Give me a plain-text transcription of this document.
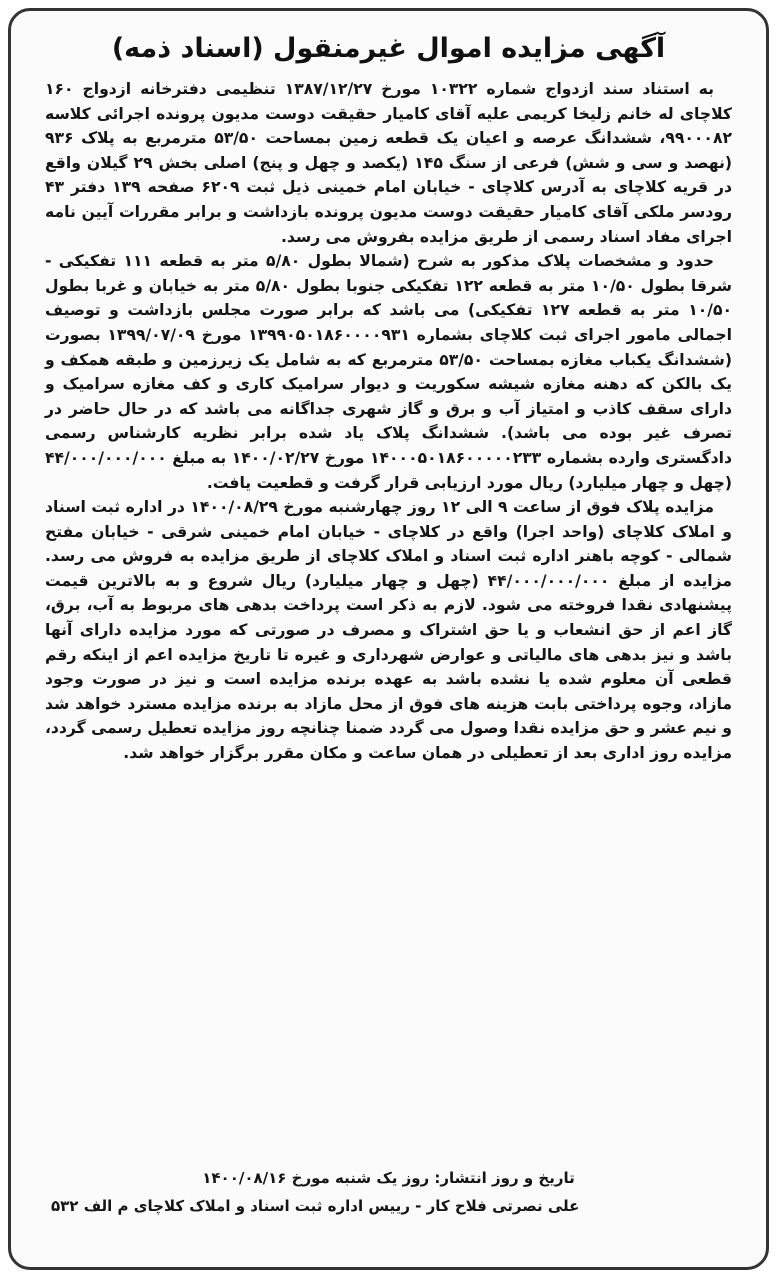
آگهی مزایده اموال غیرمنقول (اسناد ذمه)

به استناد سند ازدواج شماره ۱۰۳۲۲ مورخ ۱۳۸۷/۱۲/۲۷ تنظیمی دفترخانه ازدواج ۱۶۰ کلاچای له خانم زلیخا کریمی علیه آقای کامیار حقیقت دوست مدیون پرونده اجرائی کلاسه ۹۹۰۰۰۸۲، ششدانگ عرصه و اعیان یک قطعه زمین بمساحت ۵۳/۵۰ مترمربع به پلاک ۹۳۶ (نهصد و سی و شش) فرعی از سنگ ۱۴۵ (یکصد و چهل و پنج) اصلی بخش ۲۹ گیلان واقع در قریه کلاچای به آدرس کلاچای - خیابان امام خمینی ذیل ثبت ۶۲۰۹ صفحه ۱۳۹ دفتر ۴۳ رودسر ملکی آقای کامیار حقیقت دوست مدیون پرونده بازداشت و برابر مقررات آیین نامه اجرای مفاد اسناد رسمی از طریق مزایده بفروش می رسد.

حدود و مشخصات پلاک مذکور به شرح (شمالا بطول ۵/۸۰ متر به قطعه ۱۱۱ تفکیکی - شرقا بطول ۱۰/۵۰ متر به قطعه ۱۲۲ تفکیکی جنوبا بطول ۵/۸۰ متر به خیابان و غربا بطول ۱۰/۵۰ متر به قطعه ۱۲۷ تفکیکی) می باشد که برابر صورت مجلس بازداشت و توصیف اجمالی مامور اجرای ثبت کلاچای بشماره ۱۳۹۹۰۵۰۱۸۶۰۰۰۰۹۳۱ مورخ ۱۳۹۹/۰۷/۰۹ بصورت (ششدانگ یکباب مغازه بمساحت ۵۳/۵۰ مترمربع که به شامل یک زیرزمین و طبقه همکف و یک بالکن که دهنه مغازه شیشه سکوریت و دیوار سرامیک کاری و کف مغازه سرامیک و دارای سقف کاذب و امتیاز آب و برق و گاز شهری جداگانه می باشد که در حال حاضر در تصرف غیر بوده می باشد). ششدانگ پلاک یاد شده برابر نظریه کارشناس رسمی دادگستری وارده بشماره ۱۴۰۰۰۵۰۱۸۶۰۰۰۰۰۲۳۳ مورخ ۱۴۰۰/۰۲/۲۷ به مبلغ ۴۴/۰۰۰/۰۰۰/۰۰۰ (چهل و چهار میلیارد) ریال مورد ارزیابی قرار گرفت و قطعیت یافت.

مزایده پلاک فوق از ساعت ۹ الی ۱۲ روز چهارشنبه مورخ ۱۴۰۰/۰۸/۲۹ در اداره ثبت اسناد و املاک کلاچای (واحد اجرا) واقع در کلاچای - خیابان امام خمینی شرقی - خیابان مفتح شمالی - کوچه باهنر اداره ثبت اسناد و املاک کلاچای از طریق مزایده به فروش می رسد. مزایده از مبلغ ۴۴/۰۰۰/۰۰۰/۰۰۰ (چهل و چهار میلیارد) ریال شروع و به بالاترین قیمت پیشنهادی نقدا فروخته می شود. لازم به ذکر است پرداخت بدهی های مربوط به آب، برق، گاز اعم از حق انشعاب و یا حق اشتراک و مصرف در صورتی که مورد مزایده دارای آنها باشد و نیز بدهی های مالیاتی و عوارض شهرداری و غیره تا تاریخ مزایده اعم از اینکه رقم قطعی آن معلوم شده یا نشده باشد به عهده برنده مزایده است و نیز در صورت وجود مازاد، وجوه پرداختی بابت هزینه های فوق از محل مازاد به برنده مزایده مسترد خواهد شد و نیم عشر و حق مزایده نقدا وصول می گردد ضمنا چنانچه روز مزایده تعطیل رسمی گردد، مزایده روز اداری بعد از تعطیلی در همان ساعت و مکان مقرر برگزار خواهد شد.

تاریخ و روز انتشار: روز یک شنبه مورخ ۱۴۰۰/۰۸/۱۶
علی نصرتی فلاح کار - رییس اداره ثبت اسناد و املاک کلاچای م الف ۵۳۲
